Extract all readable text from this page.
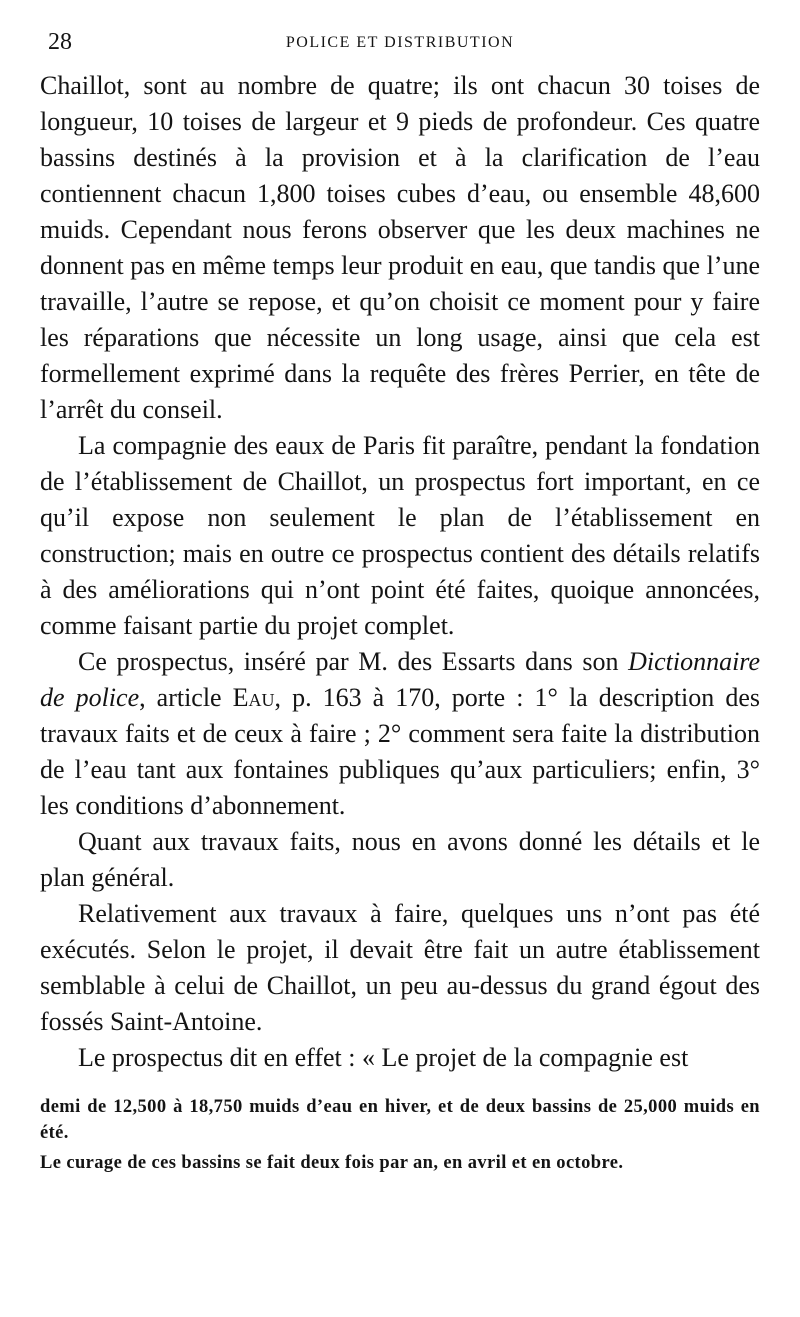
28	POLICE ET DISTRIBUTION

Chaillot, sont au nombre de quatre; ils ont chacun 30 toises de longueur, 10 toises de largeur et 9 pieds de profondeur. Ces quatre bassins destinés à la provision et à la clarification de l’eau contiennent chacun 1,800 toises cubes d’eau, ou ensemble 48,600 muids. Cependant nous ferons observer que les deux machines ne donnent pas en même temps leur produit en eau, que tandis que l’une travaille, l’autre se repose, et qu’on choisit ce moment pour y faire les réparations que nécessite un long usage, ainsi que cela est formellement exprimé dans la requête des frères Perrier, en tête de l’arrêt du conseil.

La compagnie des eaux de Paris fit paraître, pendant la fondation de l’établissement de Chaillot, un prospectus fort important, en ce qu’il expose non seulement le plan de l’établissement en construction; mais en outre ce prospectus contient des détails relatifs à des améliorations qui n’ont point été faites, quoique annoncées, comme faisant partie du projet complet.

Ce prospectus, inséré par M. des Essarts dans son Dictionnaire de police, article Eau, p. 163 à 170, porte : 1° la description des travaux faits et de ceux à faire ; 2° comment sera faite la distribution de l’eau tant aux fontaines publiques qu’aux particuliers; enfin, 3° les conditions d’abonnement.

Quant aux travaux faits, nous en avons donné les détails et le plan général.

Relativement aux travaux à faire, quelques uns n’ont pas été exécutés. Selon le projet, il devait être fait un autre établissement semblable à celui de Chaillot, un peu au-dessus du grand égout des fossés Saint-Antoine.

Le prospectus dit en effet : « Le projet de la compagnie est

demi de 12,500 à 18,750 muids d’eau en hiver, et de deux bassins de 25,000 muids en été.

Le curage de ces bassins se fait deux fois par an, en avril et en octobre.
